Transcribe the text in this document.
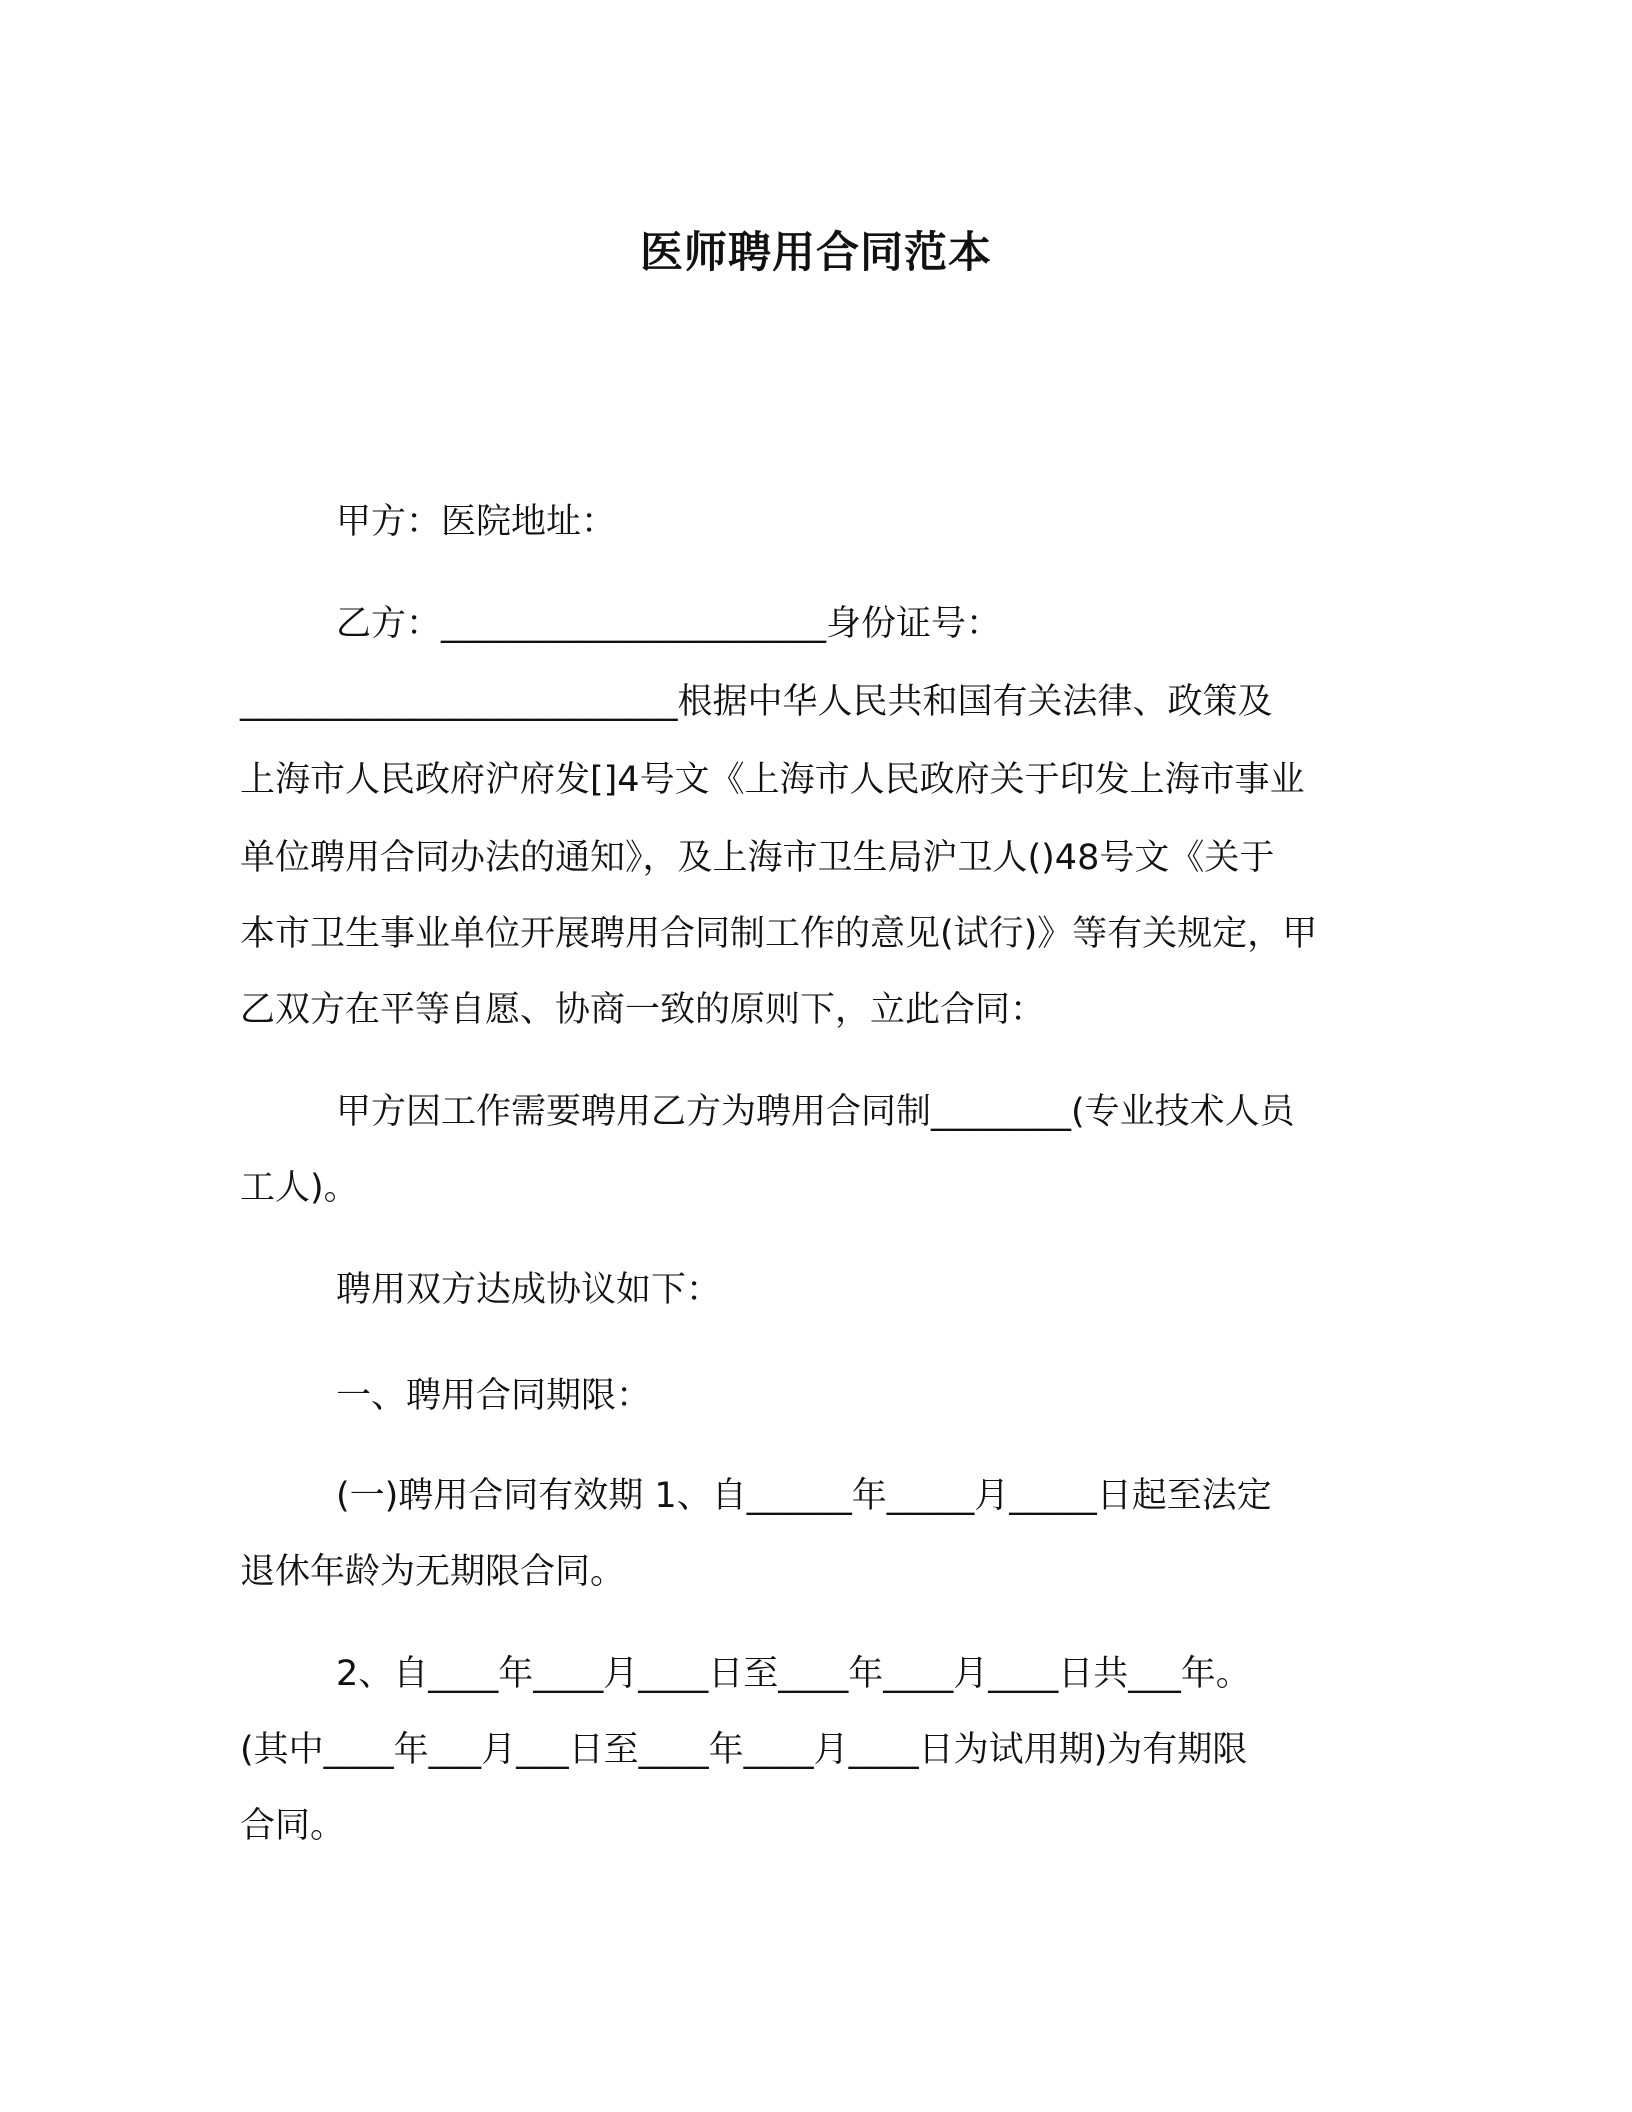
医师聘用合同范本
甲方：医院地址：
乙方：______________________身份证号：
_________________________根据中华人民共和国有关法律、政策及
上海市人民政府沪府发[]4号文《上海市人民政府关于印发上海市事业
单位聘用合同办法的通知》，及上海市卫生局沪卫人()48号文《关于
本市卫生事业单位开展聘用合同制工作的意见(试行)》等有关规定，甲
乙双方在平等自愿、协商一致的原则下，立此合同：
甲方因工作需要聘用乙方为聘用合同制________(专业技术人员
工人)。
聘用双方达成协议如下：
一、聘用合同期限：
(一)聘用合同有效期 1、自______年_____月_____日起至法定
退休年龄为无期限合同。
2、自____年____月____日至____年____月____日共___年。
(其中____年___月___日至____年____月____日为试用期)为有期限
合同。
